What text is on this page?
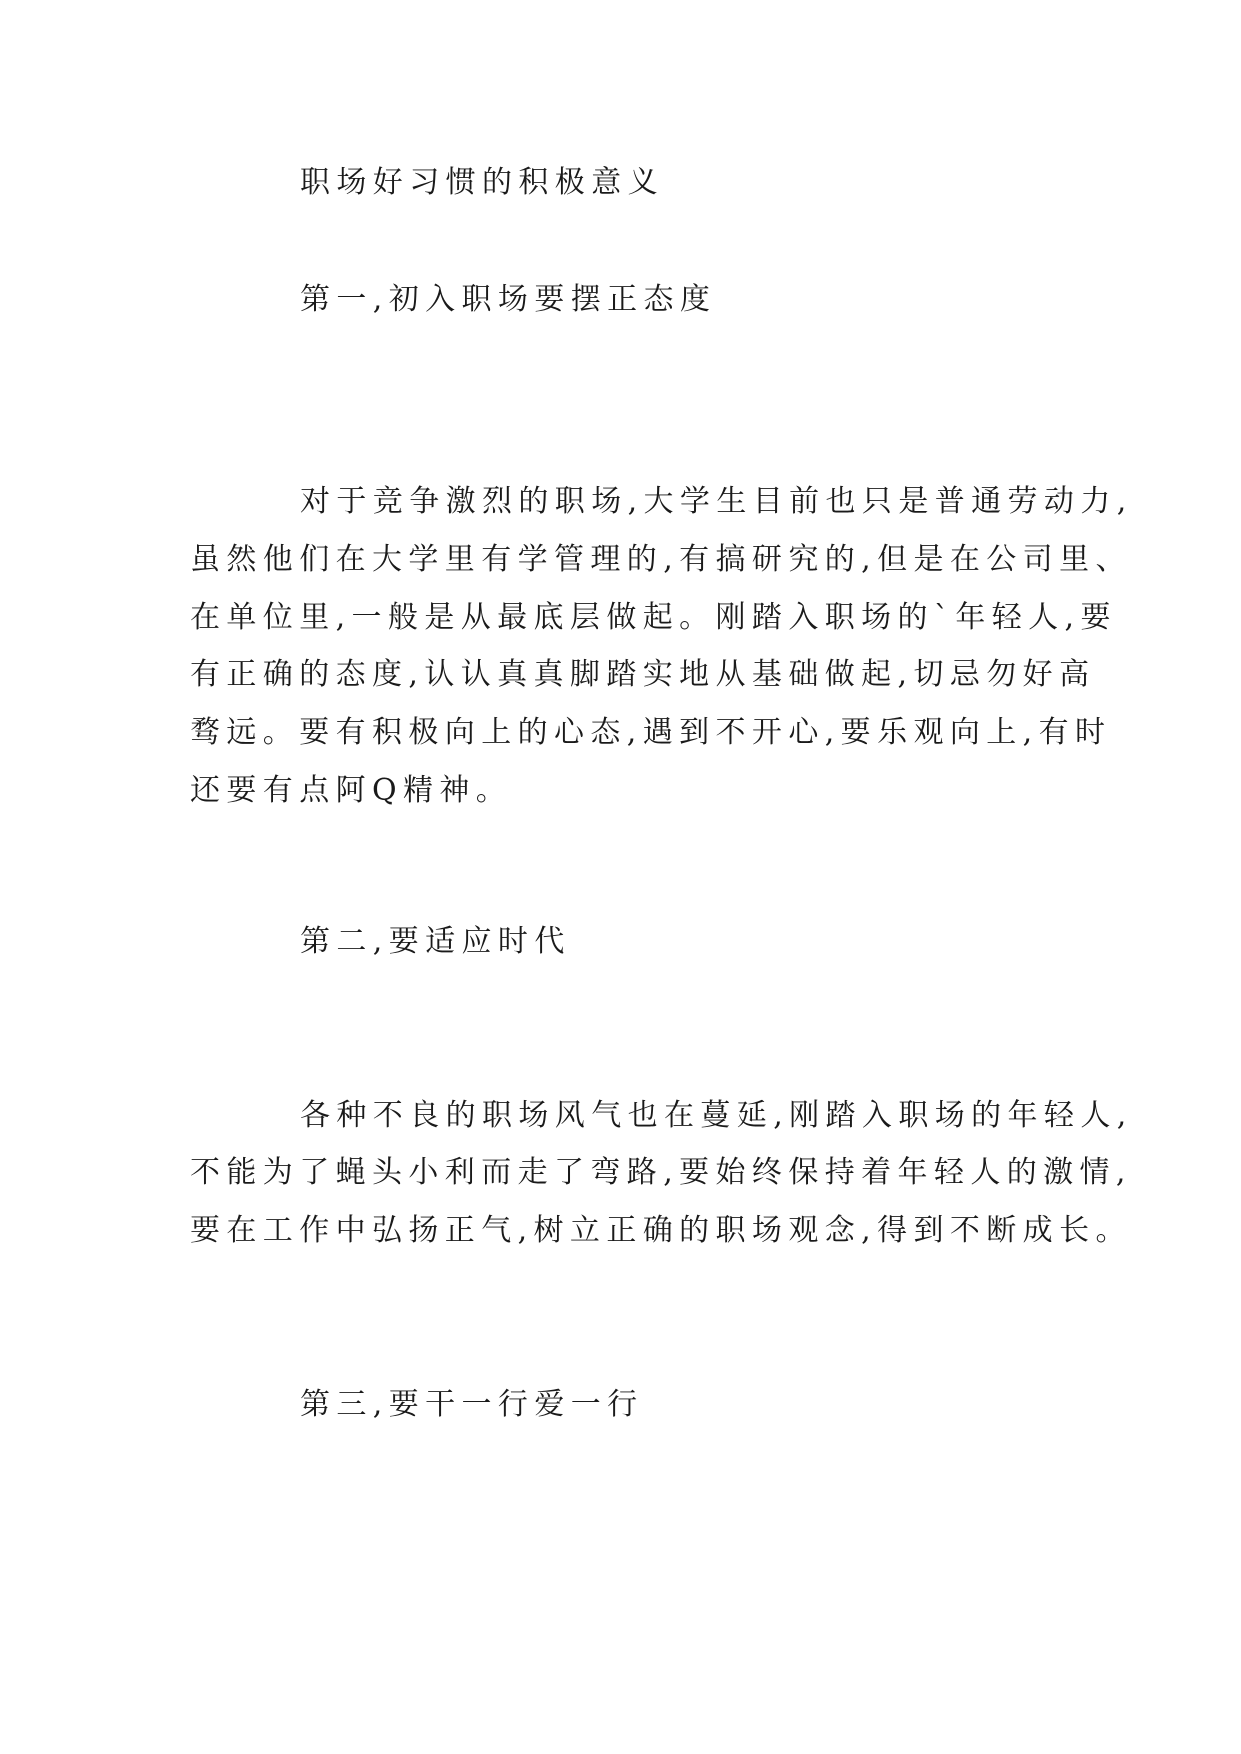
职场好习惯的积极意义
第一,初入职场要摆正态度
对于竞争激烈的职场,大学生目前也只是普通劳动力,
虽然他们在大学里有学管理的,有搞研究的,但是在公司里、
在单位里,一般是从最底层做起。刚踏入职场的`年轻人,要
有正确的态度,认认真真脚踏实地从基础做起,切忌勿好高
骛远。要有积极向上的心态,遇到不开心,要乐观向上,有时
还要有点阿Q精神。
第二,要适应时代
各种不良的职场风气也在蔓延,刚踏入职场的年轻人,
不能为了蝇头小利而走了弯路,要始终保持着年轻人的激情,
要在工作中弘扬正气,树立正确的职场观念,得到不断成长。
第三,要干一行爱一行
